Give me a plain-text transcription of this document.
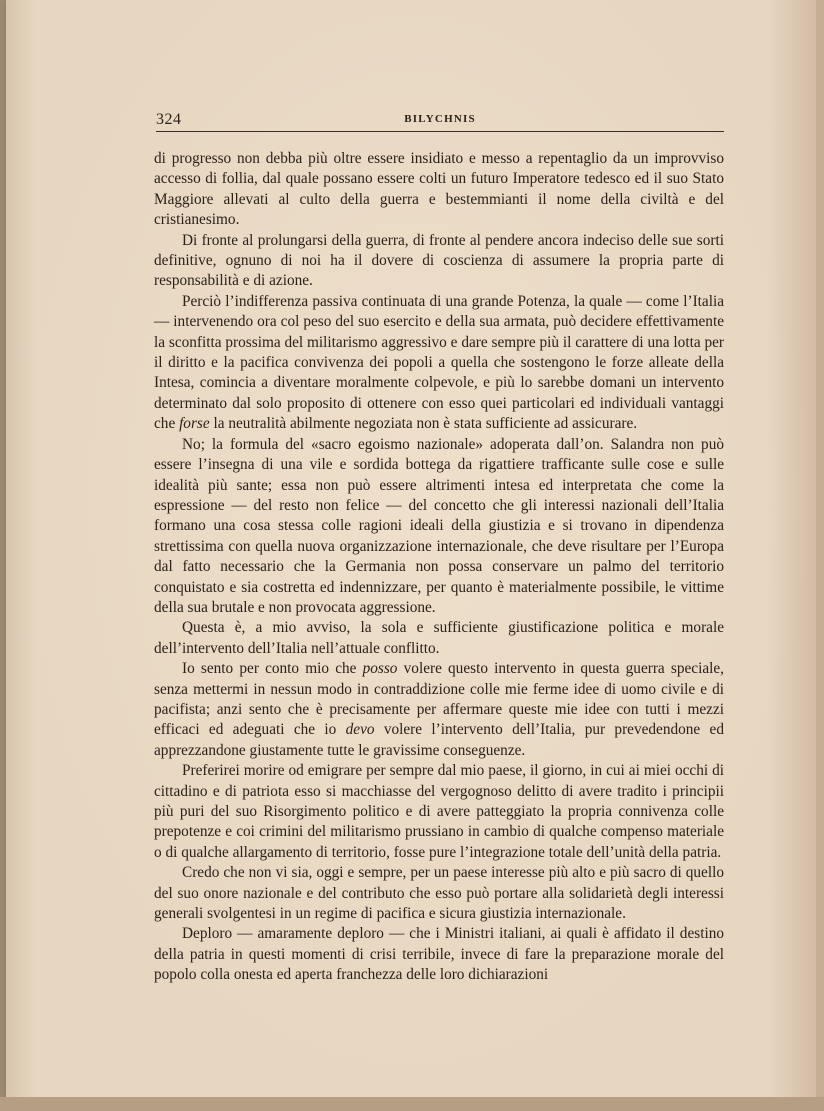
324	BILYCHNIS

di progresso non debba più oltre essere insidiato e messo a repentaglio da un improvviso accesso di follia, dal quale possano essere colti un futuro Imperatore tedesco ed il suo Stato Maggiore allevati al culto della guerra e bestemmianti il nome della civiltà e del cristianesimo.

Di fronte al prolungarsi della guerra, di fronte al pendere ancora indeciso delle sue sorti definitive, ognuno di noi ha il dovere di coscienza di assumere la propria parte di responsabilità e di azione.

Perciò l’indifferenza passiva continuata di una grande Potenza, la quale — come l’Italia — intervenendo ora col peso del suo esercito e della sua armata, può decidere effettivamente la sconfitta prossima del militarismo aggressivo e dare sempre più il carattere di una lotta per il diritto e la pacifica convivenza dei popoli a quella che sostengono le forze alleate della Intesa, comincia a diventare moralmente colpevole, e più lo sarebbe domani un intervento determinato dal solo proposito di ottenere con esso quei particolari ed individuali vantaggi che forse la neutralità abilmente negoziata non è stata sufficiente ad assicurare.

No; la formula del «sacro egoismo nazionale» adoperata dall’on. Salandra non può essere l’insegna di una vile e sordida bottega da rigattiere trafficante sulle cose e sulle idealità più sante; essa non può essere altrimenti intesa ed interpretata che come la espressione — del resto non felice — del concetto che gli interessi nazionali dell’Italia formano una cosa stessa colle ragioni ideali della giustizia e si trovano in dipendenza strettissima con quella nuova organizzazione internazionale, che deve risultare per l’Europa dal fatto necessario che la Germania non possa conservare un palmo del territorio conquistato e sia costretta ed indennizzare, per quanto è materialmente possibile, le vittime della sua brutale e non provocata aggressione.

Questa è, a mio avviso, la sola e sufficiente giustificazione politica e morale dell’intervento dell’Italia nell’attuale conflitto.

Io sento per conto mio che posso volere questo intervento in questa guerra speciale, senza mettermi in nessun modo in contraddizione colle mie ferme idee di uomo civile e di pacifista; anzi sento che è precisamente per affermare queste mie idee con tutti i mezzi efficaci ed adeguati che io devo volere l’intervento dell’Italia, pur prevedendone ed apprezzandone giustamente tutte le gravissime conseguenze.

Preferirei morire od emigrare per sempre dal mio paese, il giorno, in cui ai miei occhi di cittadino e di patriota esso si macchiasse del vergognoso delitto di avere tradito i principii più puri del suo Risorgimento politico e di avere patteggiato la propria connivenza colle prepotenze e coi crimini del militarismo prussiano in cambio di qualche compenso materiale o di qualche allargamento di territorio, fosse pure l’integrazione totale dell’unità della patria.

Credo che non vi sia, oggi e sempre, per un paese interesse più alto e più sacro di quello del suo onore nazionale e del contributo che esso può portare alla solidarietà degli interessi generali svolgentesi in un regime di pacifica e sicura giustizia internazionale.

Deploro — amaramente deploro — che i Ministri italiani, ai quali è affidato il destino della patria in questi momenti di crisi terribile, invece di fare la preparazione morale del popolo colla onesta ed aperta franchezza delle loro dichiarazioni
